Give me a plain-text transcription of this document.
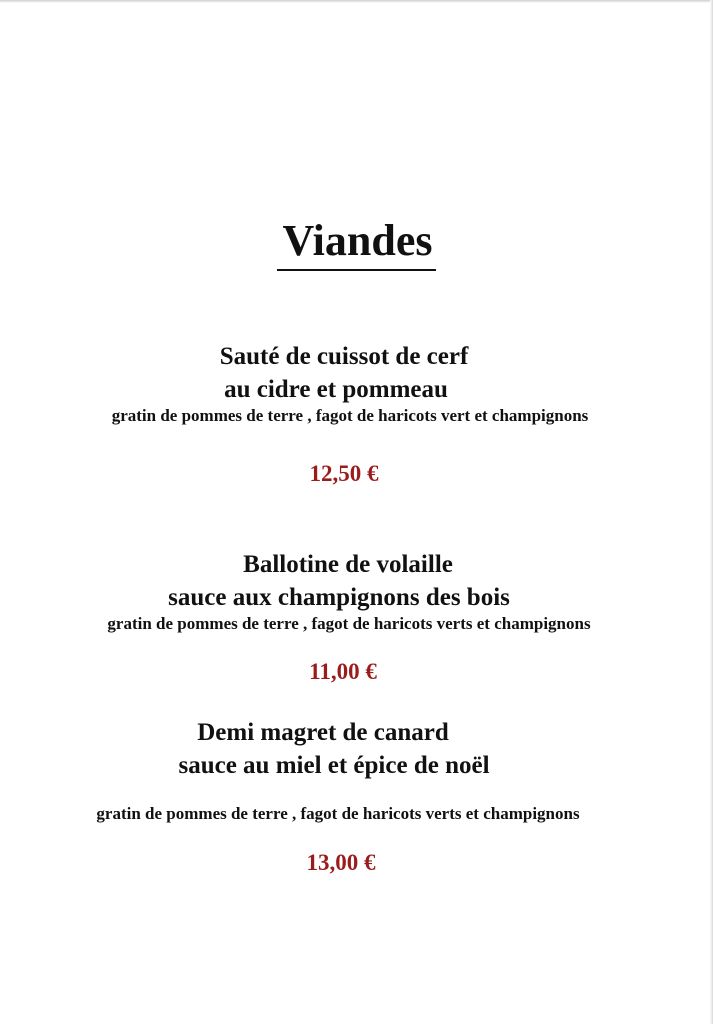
Viandes
Sauté de cuissot de cerf
au cidre et pommeau
gratin de pommes de terre , fagot de haricots vert et champignons
12,50 €
Ballotine de volaille
sauce aux champignons des bois
gratin de pommes de terre , fagot de haricots verts et champignons
11,00 €
Demi magret de canard
sauce au miel et épice de noël
gratin de pommes de terre , fagot de haricots verts et champignons
13,00 €
